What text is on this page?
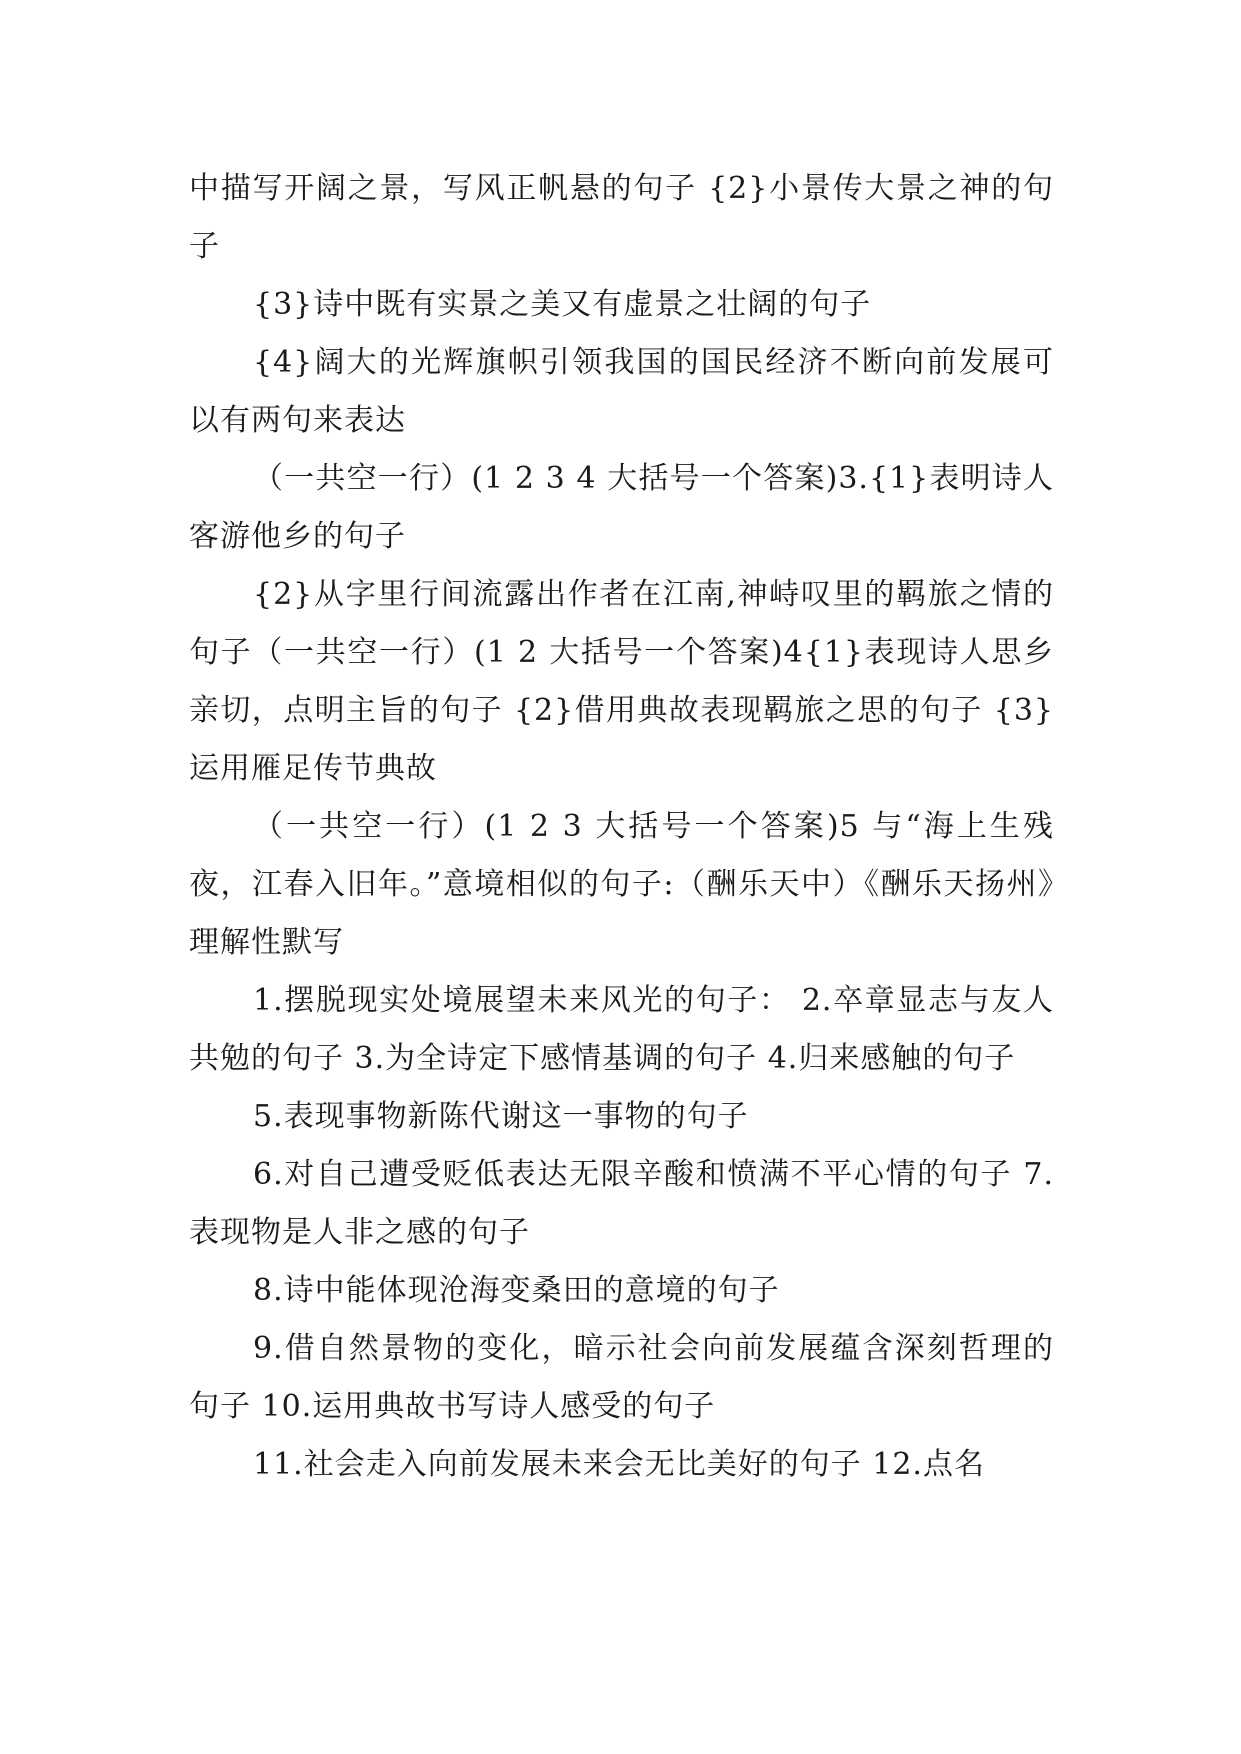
中描写开阔之景，写风正帆悬的句子 {2}小景传大景之神的句子

{3}诗中既有实景之美又有虚景之壮阔的句子

{4}阔大的光辉旗帜引领我国的国民经济不断向前发展可以有两句来表达

（一共空一行）(1 2 3 4 大括号一个答案)3.{1}表明诗人客游他乡的句子

{2}从字里行间流露出作者在江南,神峙叹里的羁旅之情的句子（一共空一行）(1 2 大括号一个答案)4{1}表现诗人思乡亲切，点明主旨的句子 {2}借用典故表现羁旅之思的句子 {3}运用雁足传节典故

（一共空一行）(1 2 3 大括号一个答案)5 与“海上生残夜，江春入旧年。”意境相似的句子:（酬乐天中）《酬乐天扬州》理解性默写

1.摆脱现实处境展望未来风光的句子： 2.卒章显志与友人共勉的句子 3.为全诗定下感情基调的句子 4.归来感触的句子

5.表现事物新陈代谢这一事物的句子

6.对自己遭受贬低表达无限辛酸和愤满不平心情的句子 7.表现物是人非之感的句子

8.诗中能体现沧海变桑田的意境的句子

9.借自然景物的变化，暗示社会向前发展蕴含深刻哲理的句子 10.运用典故书写诗人感受的句子

11.社会走入向前发展未来会无比美好的句子 12.点名
